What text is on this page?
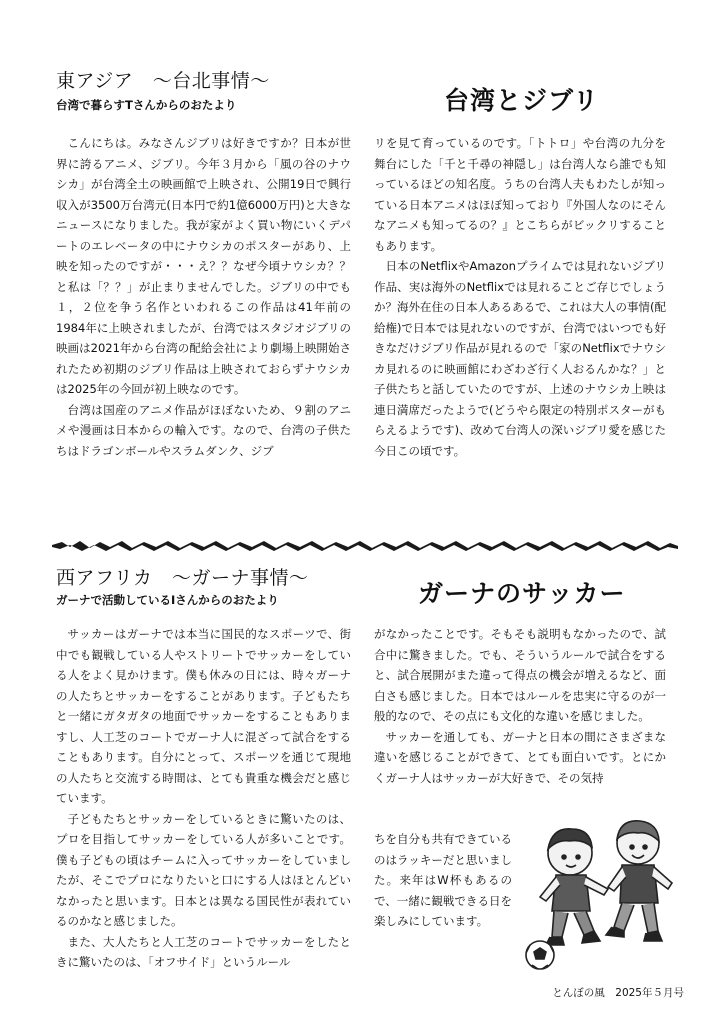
東アジア　～台北事情～
台湾で暮らすTさんからのおたより	台湾とジブリ

こんにちは。みなさんジブリは好きですか？日本が世界に誇るアニメ、ジブリ。今年３月から「風の谷のナウシカ」が台湾全土の映画館で上映され、公開19日で興行収入が3500万台湾元(日本円で約1億6000万円)と大きなニュースになりました。我が家がよく買い物にいくデパートのエレベータの中にナウシカのポスターがあり、上映を知ったのですが・・・え？？なぜ今頃ナウシカ？？と私は「？？」が止まりませんでした。ジブリの中でも１，２位を争う名作といわれるこの作品は41年前の1984年に上映されましたが、台湾ではスタジオジブリの映画は2021年から台湾の配給会社により劇場上映開始されたため初期のジブリ作品は上映されておらずナウシカは2025年の今回が初上映なのです。

台湾は国産のアニメ作品がほぼないため、９割のアニメや漫画は日本からの輸入です。なので、台湾の子供たちはドラゴンボールやスラムダンク、ジブ

リを見て育っているのです。「トトロ」や台湾の九分を舞台にした「千と千尋の神隠し」は台湾人なら誰でも知っているほどの知名度。うちの台湾人夫もわたしが知っている日本アニメはほぼ知っており『外国人なのにそんなアニメも知ってるの？』とこちらがビックリすることもあります。

日本のNetflixやAmazonプライムでは見れないジブリ作品、実は海外のNetflixでは見れることご存じでしょうか？海外在住の日本人あるあるで、これは大人の事情(配給権)で日本では見れないのですが、台湾ではいつでも好きなだけジブリ作品が見れるので「家のNetflixでナウシカ見れるのに映画館にわざわざ行く人おるんかな？」と子供たちと話していたのですが、上述のナウシカ上映は連日満席だったようで(どうやら限定の特別ポスターがもらえるようです)、改めて台湾人の深いジブリ愛を感じた今日この頃です。

西アフリカ　～ガーナ事情～
ガーナで活動しているIさんからのおたより	ガーナのサッカー

サッカーはガーナでは本当に国民的なスポーツで、街中でも観戦している人やストリートでサッカーをしている人をよく見かけます。僕も休みの日には、時々ガーナの人たちとサッカーをすることがあります。子どもたちと一緒にガタガタの地面でサッカーをすることもありますし、人工芝のコートでガーナ人に混ざって試合をすることもあります。自分にとって、スポーツを通じて現地の人たちと交流する時間は、とても貴重な機会だと感じています。

子どもたちとサッカーをしているときに驚いたのは、プロを目指してサッカーをしている人が多いことです。僕も子どもの頃はチームに入ってサッカーをしていましたが、そこでプロになりたいと口にする人はほとんどいなかったと思います。日本とは異なる国民性が表れているのかなと感じました。

また、大人たちと人工芝のコートでサッカーをしたときに驚いたのは、「オフサイド」というルール

がなかったことです。そもそも説明もなかったので、試合中に驚きました。でも、そういうルールで試合をすると、試合展開がまた違って得点の機会が増えるなど、面白さも感じました。日本ではルールを忠実に守るのが一般的なので、その点にも文化的な違いを感じました。

サッカーを通しても、ガーナと日本の間にさまざまな違いを感じることができて、とても面白いです。とにかくガーナ人はサッカーが大好きで、その気持

ちを自分も共有できているのはラッキーだと思いました。来年はW杯もあるので、一緒に観戦できる日を楽しみにしています。

とんぼの風　2025年５月号
